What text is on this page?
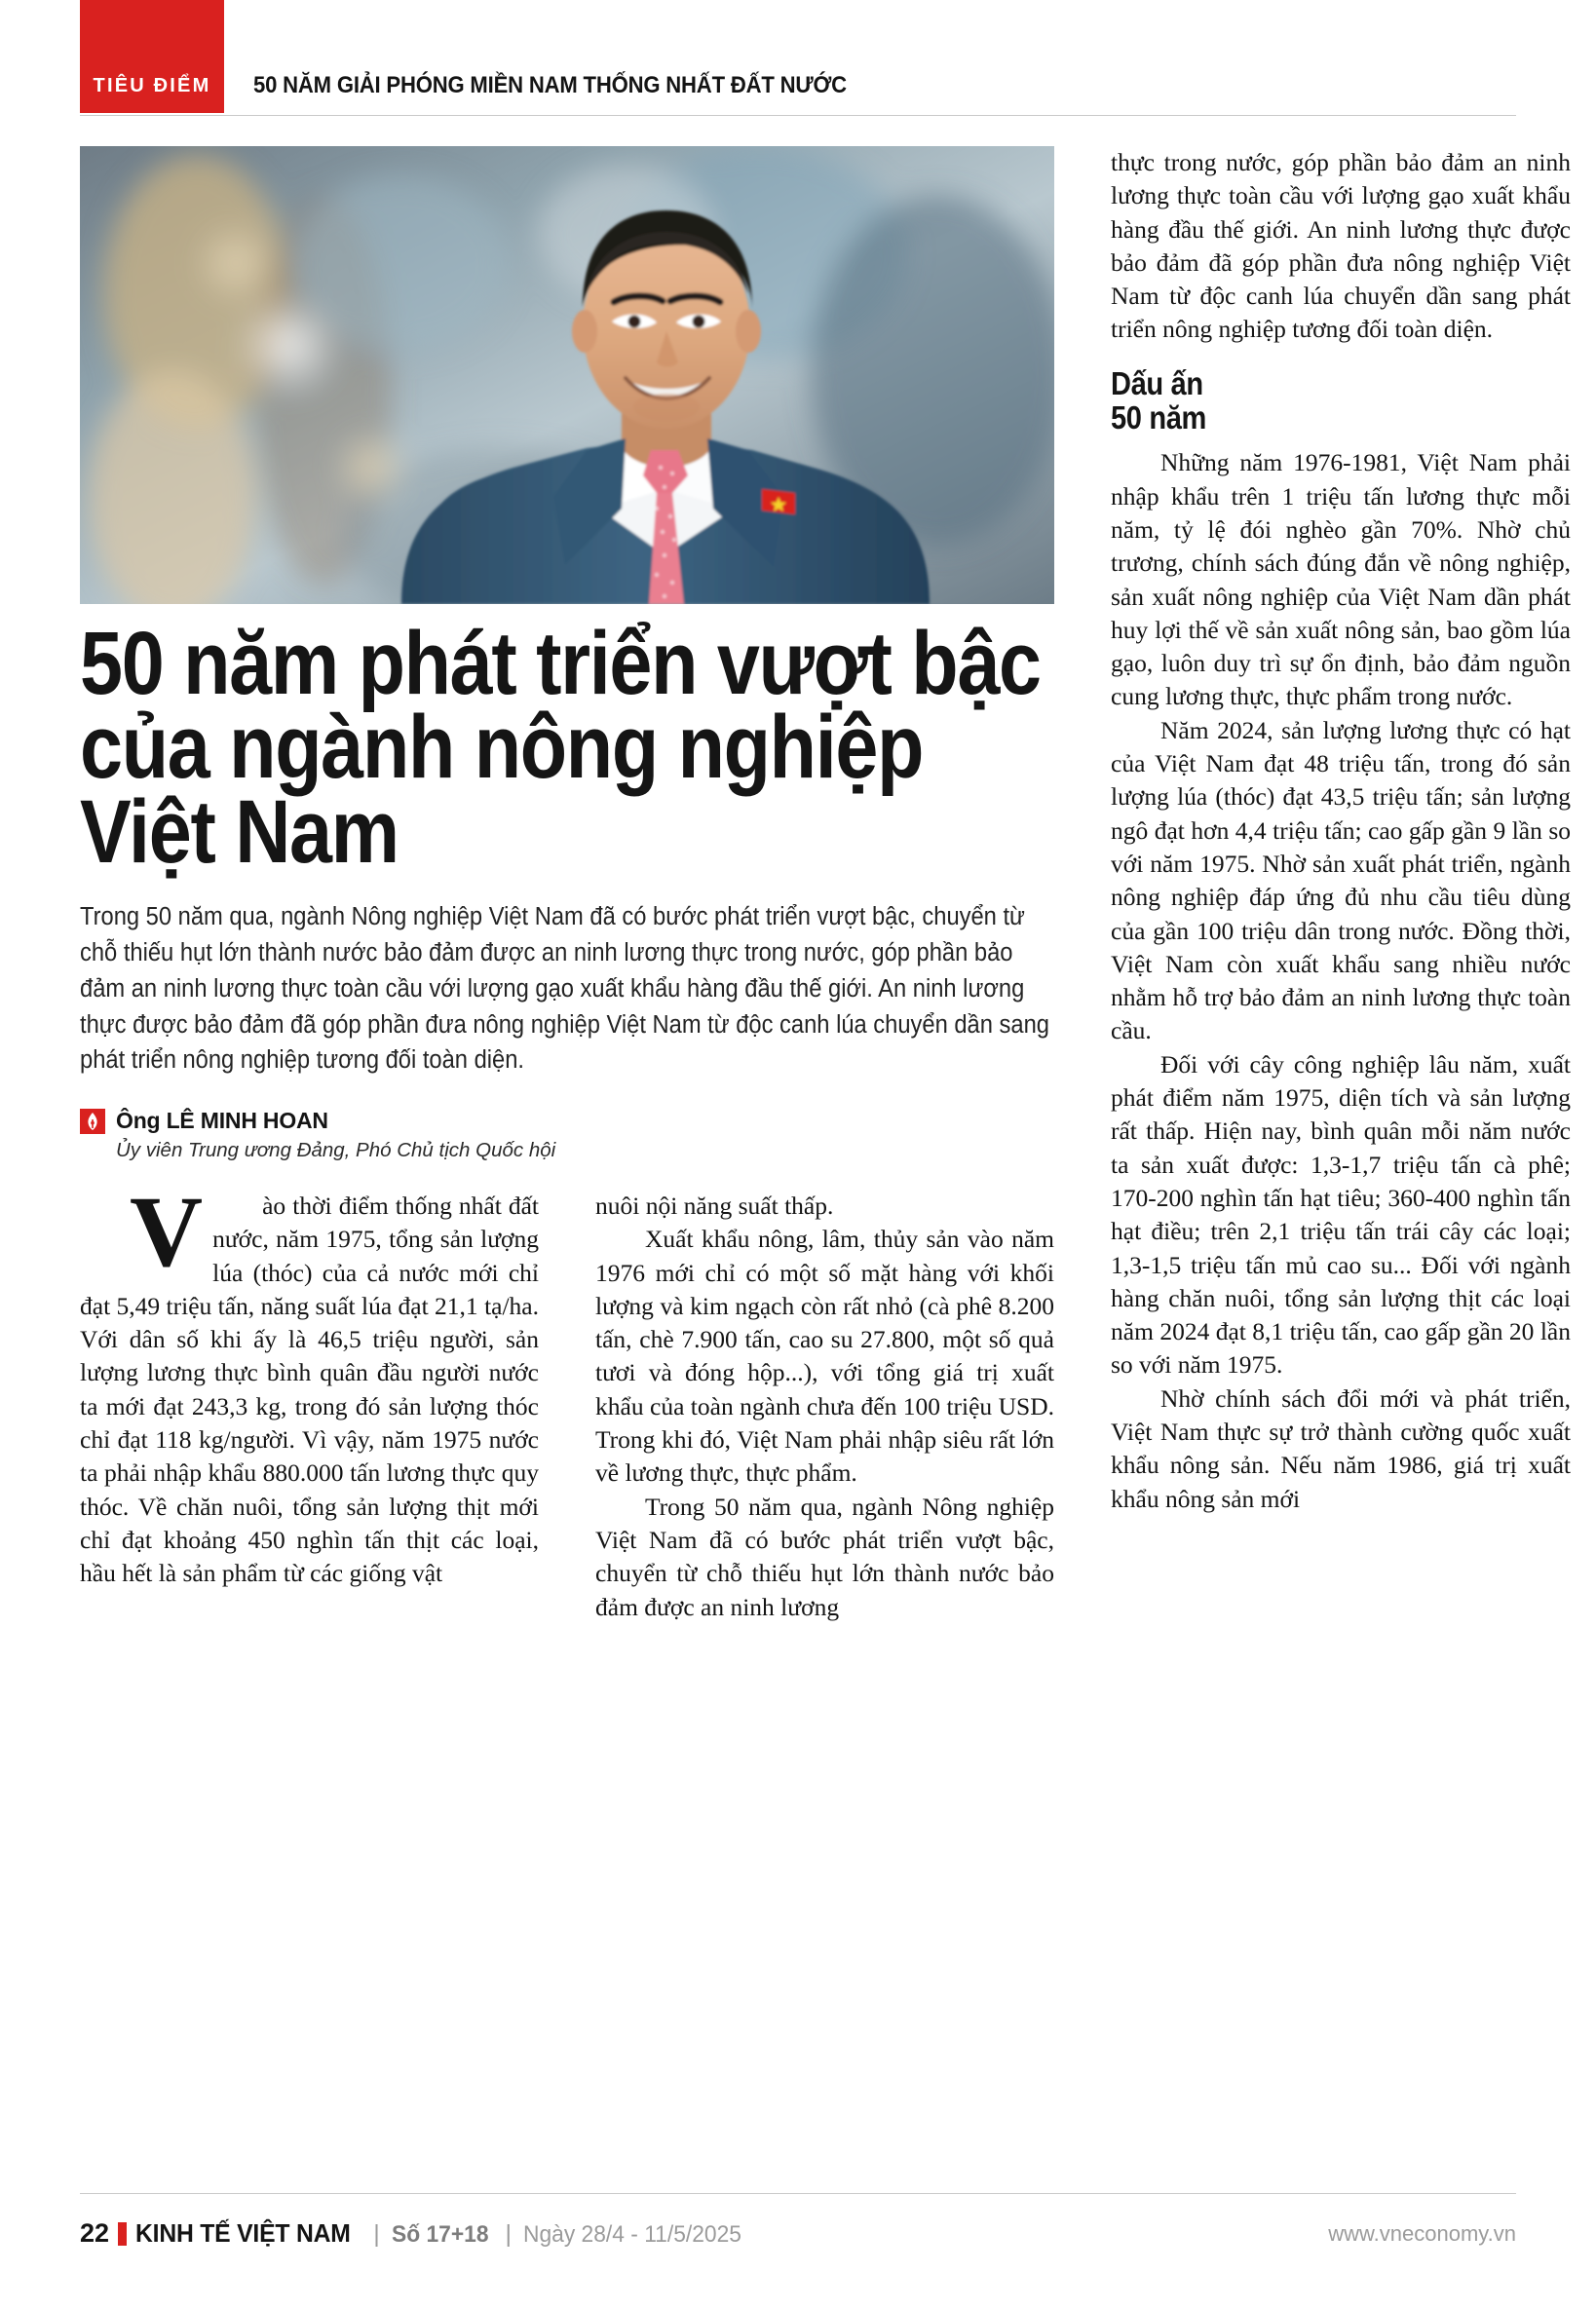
TIÊU ĐIỂM	50 NĂM GIẢI PHÓNG MIỀN NAM THỐNG NHẤT ĐẤT NƯỚC
50 năm phát triển vượt bậc
của ngành nông nghiệp
Việt Nam
Trong 50 năm qua, ngành Nông nghiệp Việt Nam đã có bước phát triển vượt bậc, chuyển từ chỗ thiếu hụt lớn thành nước bảo đảm được an ninh lương thực trong nước, góp phần bảo đảm an ninh lương thực toàn cầu với lượng gạo xuất khẩu hàng đầu thế giới. An ninh lương thực được bảo đảm đã góp phần đưa nông nghiệp Việt Nam từ độc canh lúa chuyển dần sang phát triển nông nghiệp tương đối toàn diện.
Ông LÊ MINH HOAN
Ủy viên Trung ương Đảng, Phó Chủ tịch Quốc hội

Vào thời điểm thống nhất đất nước, năm 1975, tổng sản lượng lúa (thóc) của cả nước mới chỉ đạt 5,49 triệu tấn, năng suất lúa đạt 21,1 tạ/ha. Với dân số khi ấy là 46,5 triệu người, sản lượng lương thực bình quân đầu người nước ta mới đạt 243,3 kg, trong đó sản lượng thóc chỉ đạt 118 kg/người. Vì vậy, năm 1975 nước ta phải nhập khẩu 880.000 tấn lương thực quy thóc. Về chăn nuôi, tổng sản lượng thịt mới chỉ đạt khoảng 450 nghìn tấn thịt các loại, hầu hết là sản phẩm từ các giống vật

nuôi nội năng suất thấp.

Xuất khẩu nông, lâm, thủy sản vào năm 1976 mới chỉ có một số mặt hàng với khối lượng và kim ngạch còn rất nhỏ (cà phê 8.200 tấn, chè 7.900 tấn, cao su 27.800, một số quả tươi và đóng hộp...), với tổng giá trị xuất khẩu của toàn ngành chưa đến 100 triệu USD. Trong khi đó, Việt Nam phải nhập siêu rất lớn về lương thực, thực phẩm.

Trong 50 năm qua, ngành Nông nghiệp Việt Nam đã có bước phát triển vượt bậc, chuyển từ chỗ thiếu hụt lớn thành nước bảo đảm được an ninh lương

thực trong nước, góp phần bảo đảm an ninh lương thực toàn cầu với lượng gạo xuất khẩu hàng đầu thế giới. An ninh lương thực được bảo đảm đã góp phần đưa nông nghiệp Việt Nam từ độc canh lúa chuyển dần sang phát triển nông nghiệp tương đối toàn diện.

Dấu ấn
50 năm

Những năm 1976-1981, Việt Nam phải nhập khẩu trên 1 triệu tấn lương thực mỗi năm, tỷ lệ đói nghèo gần 70%. Nhờ chủ trương, chính sách đúng đắn về nông nghiệp, sản xuất nông nghiệp của Việt Nam dần phát huy lợi thế về sản xuất nông sản, bao gồm lúa gạo, luôn duy trì sự ổn định, bảo đảm nguồn cung lương thực, thực phẩm trong nước.

Năm 2024, sản lượng lương thực có hạt của Việt Nam đạt 48 triệu tấn, trong đó sản lượng lúa (thóc) đạt 43,5 triệu tấn; sản lượng ngô đạt hơn 4,4 triệu tấn; cao gấp gần 9 lần so với năm 1975. Nhờ sản xuất phát triển, ngành nông nghiệp đáp ứng đủ nhu cầu tiêu dùng của gần 100 triệu dân trong nước. Đồng thời, Việt Nam còn xuất khẩu sang nhiều nước nhằm hỗ trợ bảo đảm an ninh lương thực toàn cầu.

Đối với cây công nghiệp lâu năm, xuất phát điểm năm 1975, diện tích và sản lượng rất thấp. Hiện nay, bình quân mỗi năm nước ta sản xuất được: 1,3-1,7 triệu tấn cà phê; 170-200 nghìn tấn hạt tiêu; 360-400 nghìn tấn hạt điều; trên 2,1 triệu tấn trái cây các loại; 1,3-1,5 triệu tấn mủ cao su... Đối với ngành hàng chăn nuôi, tổng sản lượng thịt các loại năm 2024 đạt 8,1 triệu tấn, cao gấp gần 20 lần so với năm 1975.

Nhờ chính sách đổi mới và phát triển, Việt Nam thực sự trở thành cường quốc xuất khẩu nông sản. Nếu năm 1986, giá trị xuất khẩu nông sản mới

22 KINH TẾ VIỆT NAM | Số 17+18 | Ngày 28/4 - 11/5/2025	www.vneconomy.vn
